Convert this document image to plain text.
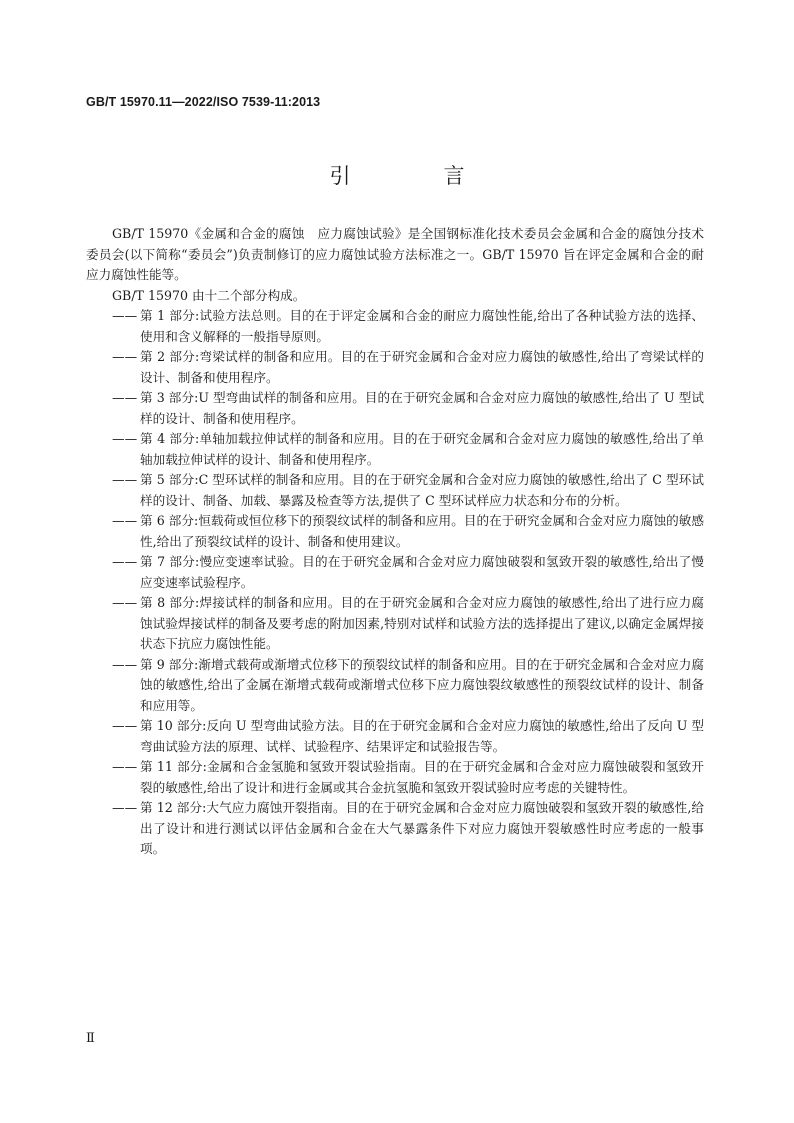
GB/T 15970.11—2022/ISO 7539-11:2013
引　言

GB/T 15970《金属和合金的腐蚀　应力腐蚀试验》是全国钢标准化技术委员会金属和合金的腐蚀分技术委员会(以下简称“委员会”)负责制修订的应力腐蚀试验方法标准之一。GB/T 15970 旨在评定金属和合金的耐应力腐蚀性能等。

GB/T 15970 由十二个部分构成。

—— 第 1 部分:试验方法总则。目的在于评定金属和合金的耐应力腐蚀性能,给出了各种试验方法的选择、使用和含义解释的一般指导原则。
—— 第 2 部分:弯梁试样的制备和应用。目的在于研究金属和合金对应力腐蚀的敏感性,给出了弯梁试样的设计、制备和使用程序。
—— 第 3 部分:U 型弯曲试样的制备和应用。目的在于研究金属和合金对应力腐蚀的敏感性,给出了 U 型试样的设计、制备和使用程序。
—— 第 4 部分:单轴加载拉伸试样的制备和应用。目的在于研究金属和合金对应力腐蚀的敏感性,给出了单轴加载拉伸试样的设计、制备和使用程序。
—— 第 5 部分:C 型环试样的制备和应用。目的在于研究金属和合金对应力腐蚀的敏感性,给出了 C 型环试样的设计、制备、加载、暴露及检查等方法,提供了 C 型环试样应力状态和分布的分析。
—— 第 6 部分:恒载荷或恒位移下的预裂纹试样的制备和应用。目的在于研究金属和合金对应力腐蚀的敏感性,给出了预裂纹试样的设计、制备和使用建议。
—— 第 7 部分:慢应变速率试验。目的在于研究金属和合金对应力腐蚀破裂和氢致开裂的敏感性,给出了慢应变速率试验程序。
—— 第 8 部分:焊接试样的制备和应用。目的在于研究金属和合金对应力腐蚀的敏感性,给出了进行应力腐蚀试验焊接试样的制备及要考虑的附加因素,特别对试样和试验方法的选择提出了建议,以确定金属焊接状态下抗应力腐蚀性能。
—— 第 9 部分:渐增式载荷或渐增式位移下的预裂纹试样的制备和应用。目的在于研究金属和合金对应力腐蚀的敏感性,给出了金属在渐增式载荷或渐增式位移下应力腐蚀裂纹敏感性的预裂纹试样的设计、制备和应用等。
—— 第 10 部分:反向 U 型弯曲试验方法。目的在于研究金属和合金对应力腐蚀的敏感性,给出了反向 U 型弯曲试验方法的原理、试样、试验程序、结果评定和试验报告等。
—— 第 11 部分:金属和合金氢脆和氢致开裂试验指南。目的在于研究金属和合金对应力腐蚀破裂和氢致开裂的敏感性,给出了设计和进行金属或其合金抗氢脆和氢致开裂试验时应考虑的关键特性。
—— 第 12 部分:大气应力腐蚀开裂指南。目的在于研究金属和合金对应力腐蚀破裂和氢致开裂的敏感性,给出了设计和进行测试以评估金属和合金在大气暴露条件下对应力腐蚀开裂敏感性时应考虑的一般事项。
Ⅱ
